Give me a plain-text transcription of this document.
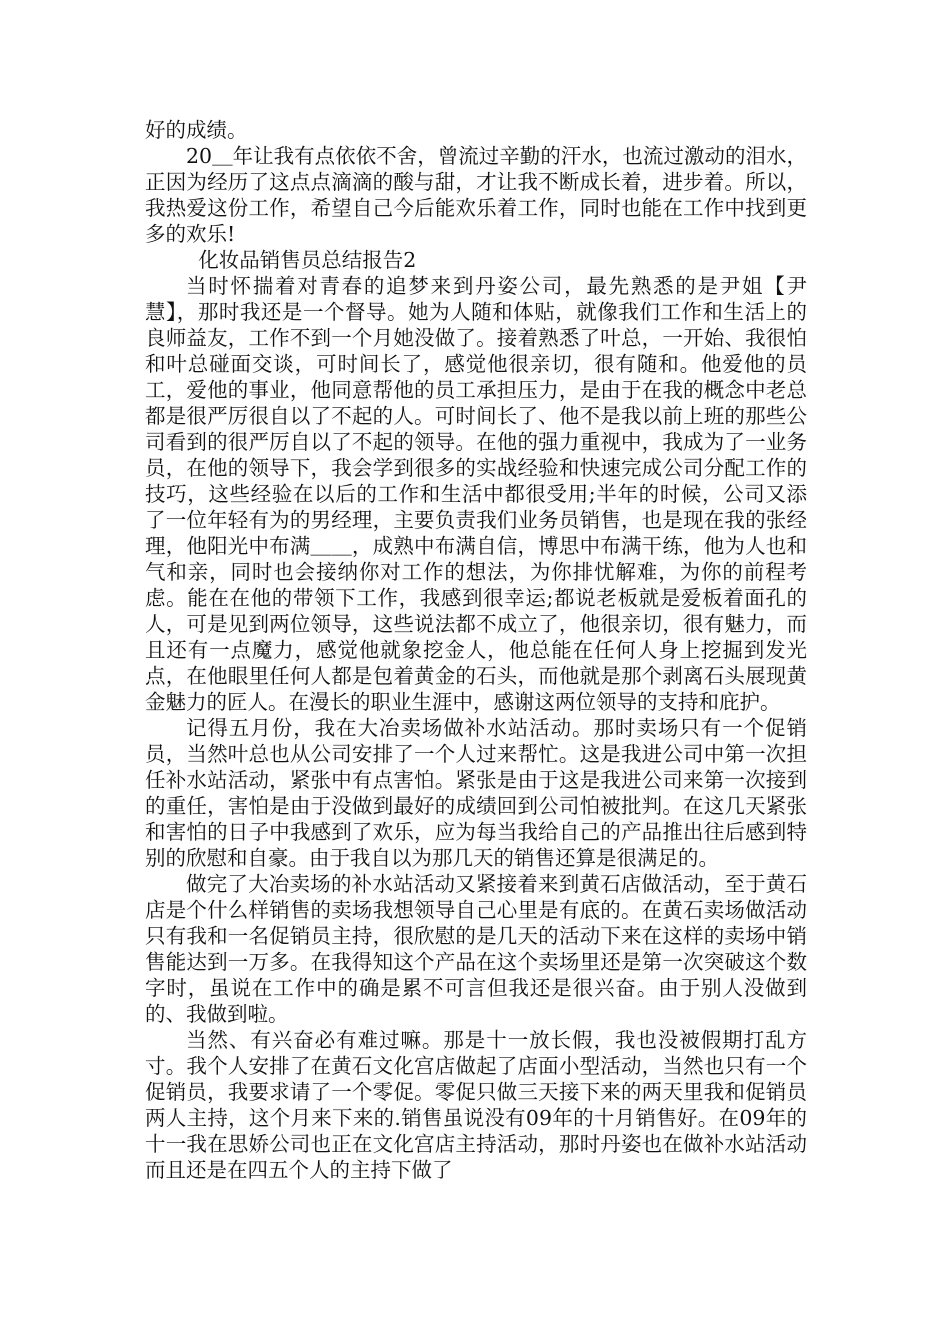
好的成绩。

20＿年让我有点依依不舍，曾流过辛勤的汗水，也流过激动的泪水，正因为经历了这点点滴滴的酸与甜，才让我不断成长着，进步着。所以，我热爱这份工作，希望自己今后能欢乐着工作，同时也能在工作中找到更多的欢乐!

化妆品销售员总结报告2

当时怀揣着对青春的追梦来到丹姿公司，最先熟悉的是尹姐【尹慧】，那时我还是一个督导。她为人随和体贴，就像我们工作和生活上的良师益友，工作不到一个月她没做了。接着熟悉了叶总，一开始、我很怕和叶总碰面交谈，可时间长了，感觉他很亲切，很有随和。他爱他的员工，爱他的事业，他同意帮他的员工承担压力，是由于在我的概念中老总都是很严厉很自以了不起的人。可时间长了、他不是我以前上班的那些公司看到的很严厉自以了不起的领导。在他的强力重视中，我成为了一业务员，在他的领导下，我会学到很多的实战经验和快速完成公司分配工作的技巧，这些经验在以后的工作和生活中都很受用;半年的时候，公司又添了一位年轻有为的男经理，主要负责我们业务员销售，也是现在我的张经理，他阳光中布满＿＿，成熟中布满自信，博思中布满干练，他为人也和气和亲，同时也会接纳你对工作的想法，为你排忧解难，为你的前程考虑。能在在他的带领下工作，我感到很幸运;都说老板就是爱板着面孔的人，可是见到两位领导，这些说法都不成立了，他很亲切，很有魅力，而且还有一点魔力，感觉他就象挖金人，他总能在任何人身上挖掘到发光点，在他眼里任何人都是包着黄金的石头，而他就是那个剥离石头展现黄金魅力的匠人。在漫长的职业生涯中，感谢这两位领导的支持和庇护。

记得五月份，我在大冶卖场做补水站活动。那时卖场只有一个促销员，当然叶总也从公司安排了一个人过来帮忙。这是我进公司中第一次担任补水站活动，紧张中有点害怕。紧张是由于这是我进公司来第一次接到的重任，害怕是由于没做到最好的成绩回到公司怕被批判。在这几天紧张和害怕的日子中我感到了欢乐，应为每当我给自己的产品推出往后感到特别的欣慰和自豪。由于我自以为那几天的销售还算是很满足的。

做完了大冶卖场的补水站活动又紧接着来到黄石店做活动，至于黄石店是个什么样销售的卖场我想领导自己心里是有底的。在黄石卖场做活动只有我和一名促销员主持，很欣慰的是几天的活动下来在这样的卖场中销售能达到一万多。在我得知这个产品在这个卖场里还是第一次突破这个数字时，虽说在工作中的确是累不可言但我还是很兴奋。由于别人没做到的、我做到啦。

当然、有兴奋必有难过嘛。那是十一放长假，我也没被假期打乱方寸。我个人安排了在黄石文化宫店做起了店面小型活动，当然也只有一个促销员，我要求请了一个零促。零促只做三天接下来的两天里我和促销员两人主持，这个月来下来的.销售虽说没有09年的十月销售好。在09年的十一我在思娇公司也正在文化宫店主持活动，那时丹姿也在做补水站活动而且还是在四五个人的主持下做了
